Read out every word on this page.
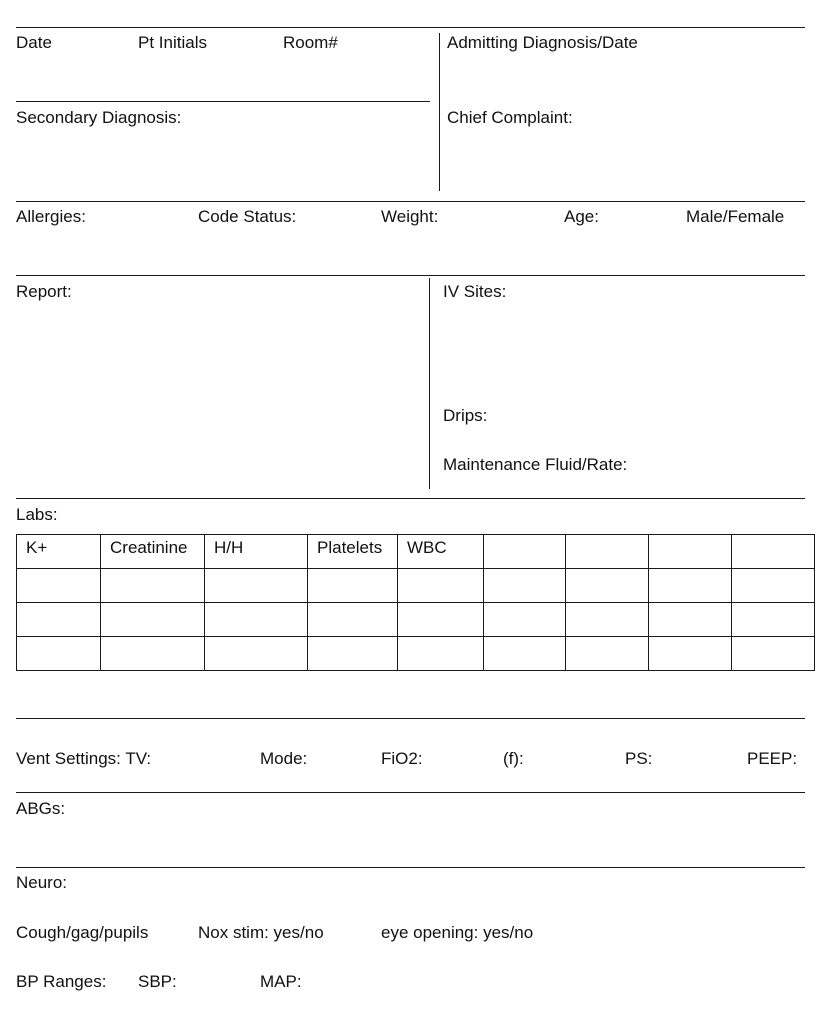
Date	Pt Initials	Room#	Admitting Diagnosis/Date
Secondary Diagnosis:	Chief Complaint:
Allergies:	Code Status:	Weight:	Age:	Male/Female
Report:	IV Sites:
Drips:
Maintenance Fluid/Rate:
Labs:
K+	Creatinine	H/H	Platelets	WBC				

Vent Settings: TV:	Mode:	FiO2:	(f):	PS:	PEEP:
ABGs:
Neuro:
Cough/gag/pupils	Nox stim: yes/no	eye opening: yes/no
BP Ranges: SBP:	MAP:
